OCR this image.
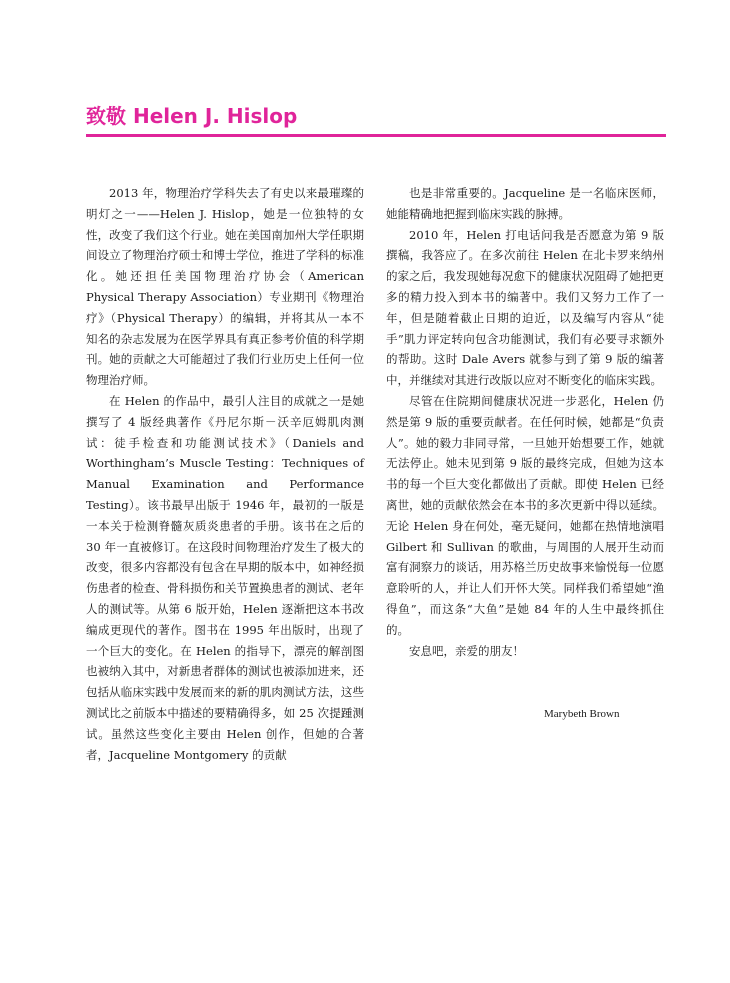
致敬 Helen J. Hislop

2013 年，物理治疗学科失去了有史以来最璀璨的明灯之一——Helen J. Hislop，她是一位独特的女性，改变了我们这个行业。她在美国南加州大学任职期间设立了物理治疗硕士和博士学位，推进了学科的标准化。她还担任美国物理治疗协会（American Physical Therapy Association）专业期刊《物理治疗》（Physical Therapy）的编辑，并将其从一本不知名的杂志发展为在医学界具有真正参考价值的科学期刊。她的贡献之大可能超过了我们行业历史上任何一位物理治疗师。

在 Helen 的作品中，最引人注目的成就之一是她撰写了 4 版经典著作《丹尼尔斯－沃辛厄姆肌肉测试：徒手检查和功能测试技术》（Daniels and Worthingham’s Muscle Testing：Techniques of Manual Examination and Performance Testing）。该书最早出版于 1946 年，最初的一版是一本关于检测脊髓灰质炎患者的手册。该书在之后的 30 年一直被修订。在这段时间物理治疗发生了极大的改变，很多内容都没有包含在早期的版本中，如神经损伤患者的检查、骨科损伤和关节置换患者的测试、老年人的测试等。从第 6 版开始，Helen 逐渐把这本书改编成更现代的著作。图书在 1995 年出版时，出现了一个巨大的变化。在 Helen 的指导下，漂亮的解剖图也被纳入其中，对新患者群体的测试也被添加进来，还包括从临床实践中发展而来的新的肌肉测试方法，这些测试比之前版本中描述的要精确得多，如 25 次提踵测试。虽然这些变化主要由 Helen 创作，但她的合著者，Jacqueline Montgomery 的贡献

也是非常重要的。Jacqueline 是一名临床医师，她能精确地把握到临床实践的脉搏。

2010 年，Helen 打电话问我是否愿意为第 9 版撰稿，我答应了。在多次前往 Helen 在北卡罗来纳州的家之后，我发现她每况愈下的健康状况阻碍了她把更多的精力投入到本书的编著中。我们又努力工作了一年，但是随着截止日期的迫近，以及编写内容从“徒手”肌力评定转向包含功能测试，我们有必要寻求额外的帮助。这时 Dale Avers 就参与到了第 9 版的编著中，并继续对其进行改版以应对不断变化的临床实践。

尽管在住院期间健康状况进一步恶化，Helen 仍然是第 9 版的重要贡献者。在任何时候，她都是“负责人”。她的毅力非同寻常，一旦她开始想要工作，她就无法停止。她未见到第 9 版的最终完成，但她为这本书的每一个巨大变化都做出了贡献。即使 Helen 已经离世，她的贡献依然会在本书的多次更新中得以延续。无论 Helen 身在何处，毫无疑问，她都在热情地演唱 Gilbert 和 Sullivan 的歌曲，与周围的人展开生动而富有洞察力的谈话，用苏格兰历史故事来愉悦每一位愿意聆听的人，并让人们开怀大笑。同样我们希望她“渔得鱼”，而这条“大鱼”是她 84 年的人生中最终抓住的。

安息吧，亲爱的朋友！

Marybeth Brown
